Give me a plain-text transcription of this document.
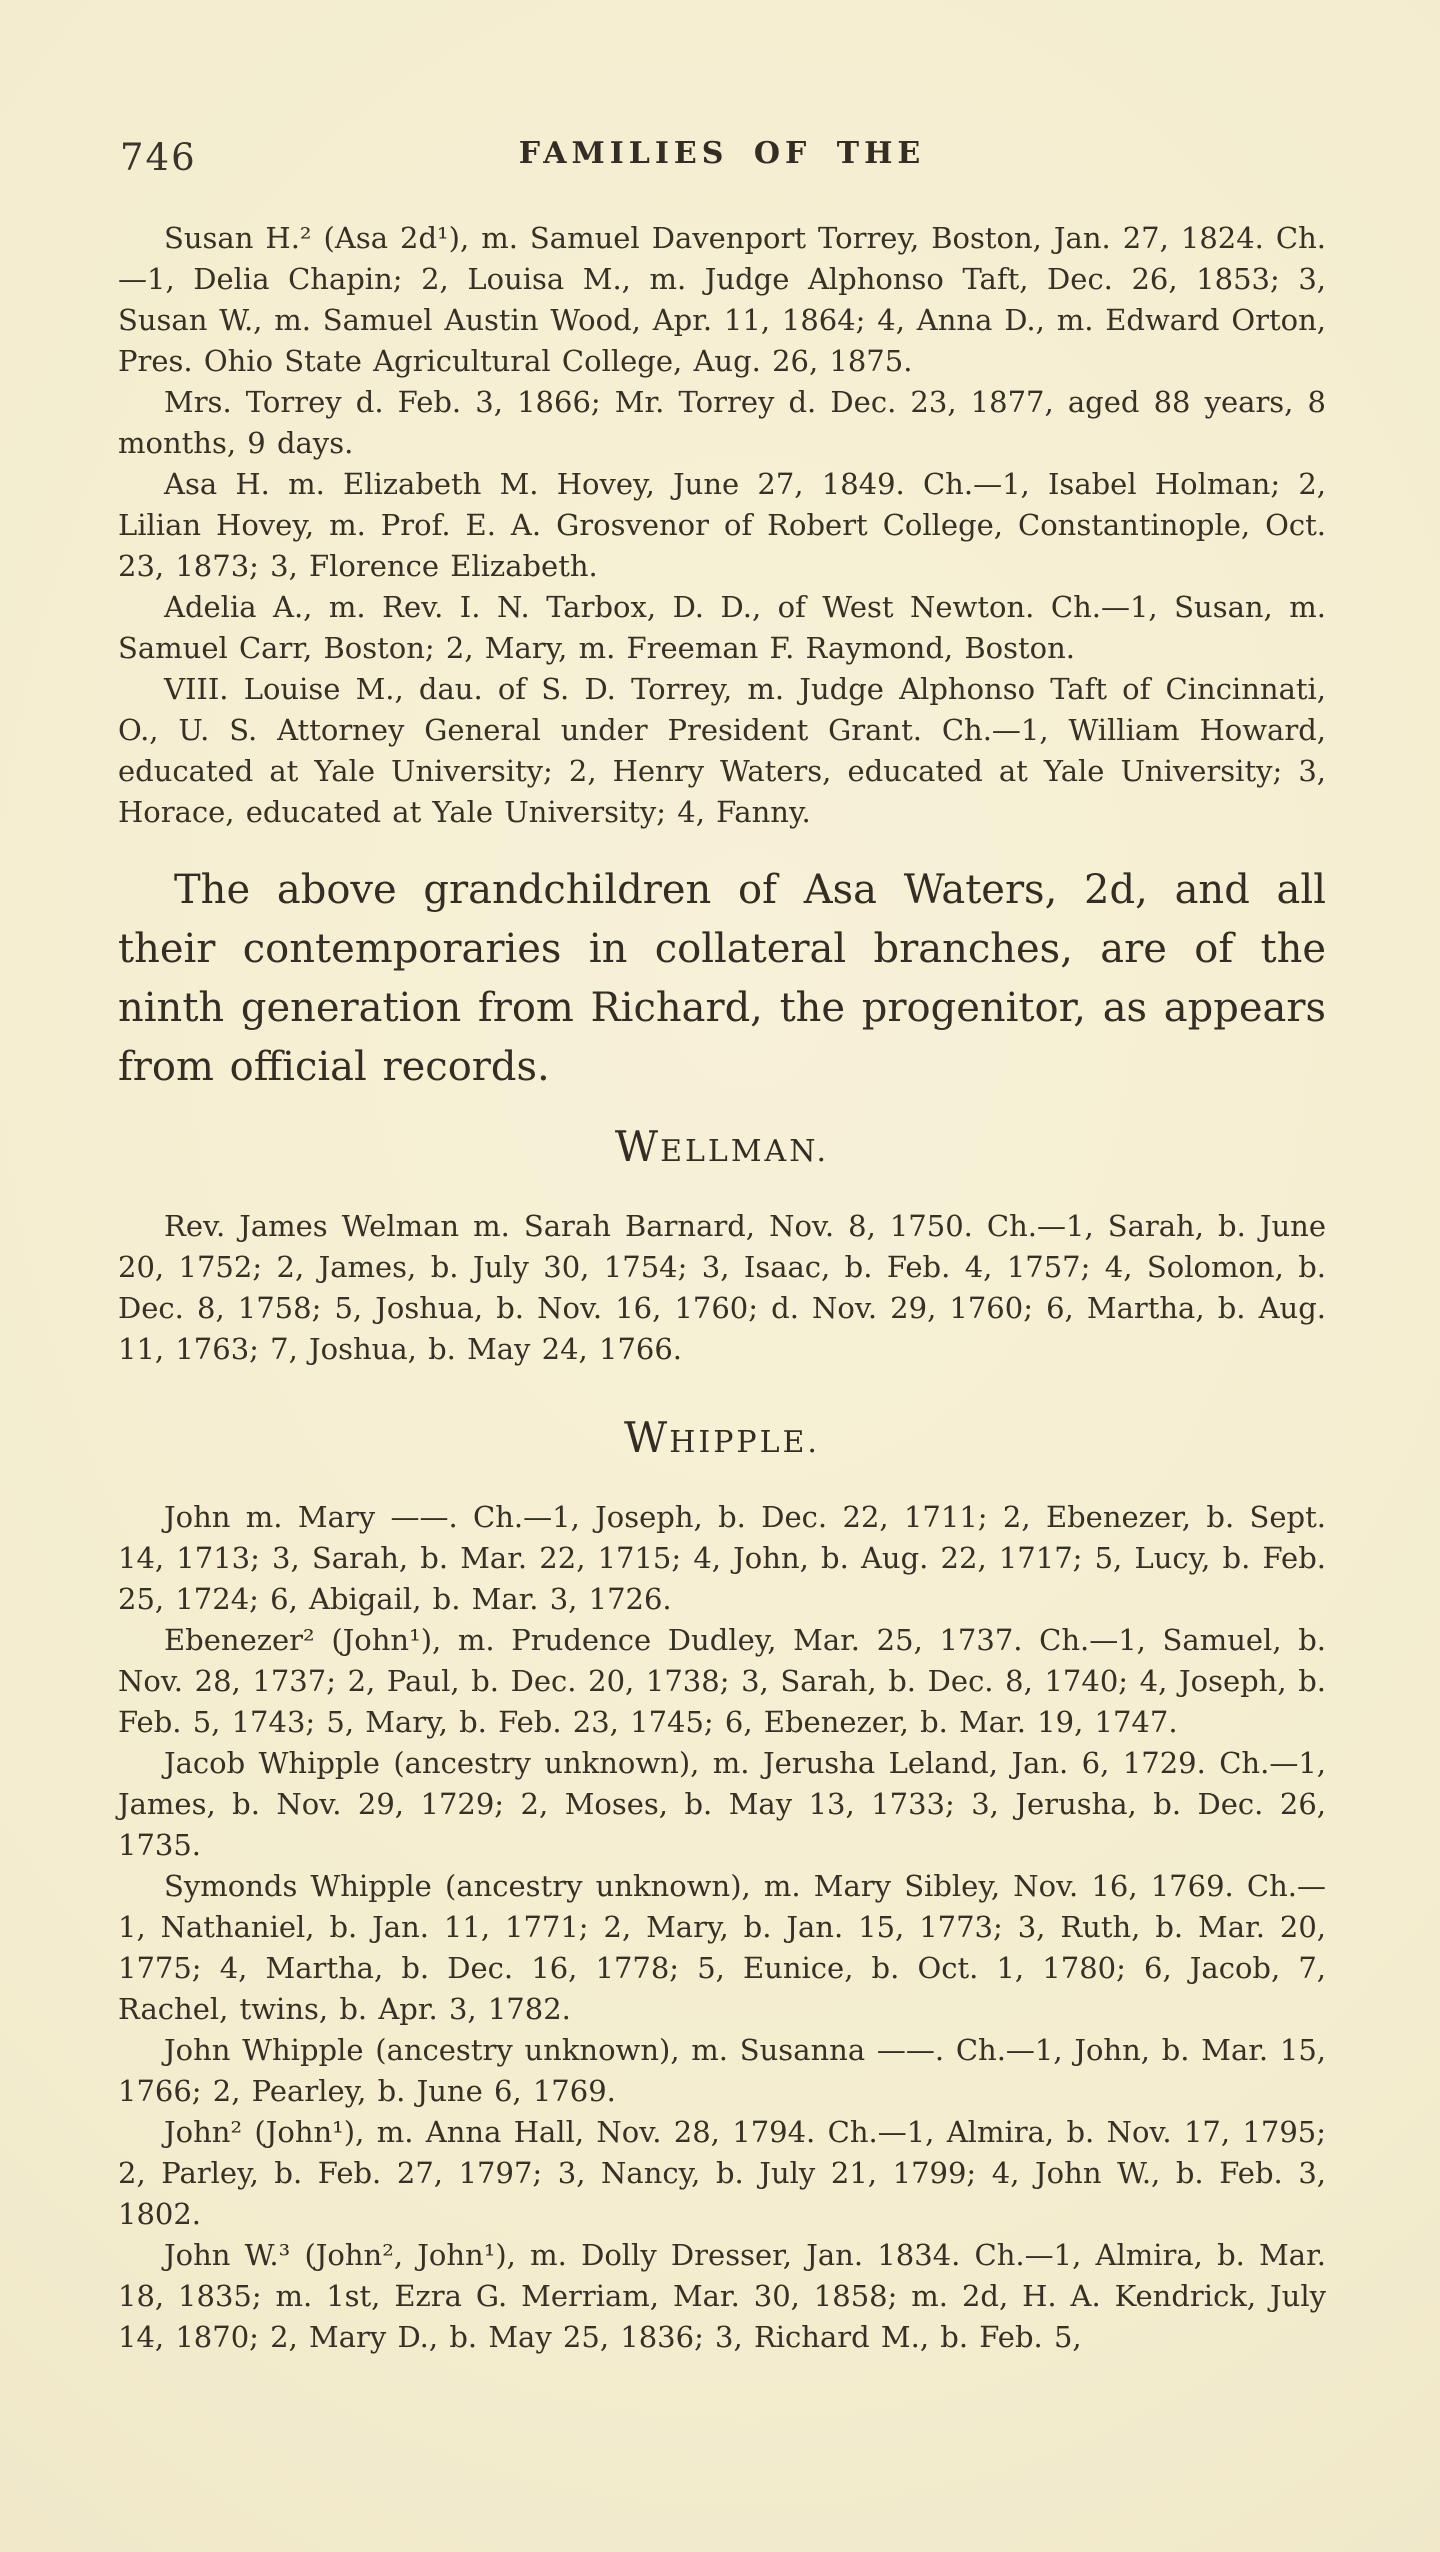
746	FAMILIES OF THE

Susan H.² (Asa 2d¹), m. Samuel Davenport Torrey, Boston, Jan. 27, 1824. Ch.—1, Delia Chapin; 2, Louisa M., m. Judge Alphonso Taft, Dec. 26, 1853; 3, Susan W., m. Samuel Austin Wood, Apr. 11, 1864; 4, Anna D., m. Edward Orton, Pres. Ohio State Agricultural College, Aug. 26, 1875.

Mrs. Torrey d. Feb. 3, 1866; Mr. Torrey d. Dec. 23, 1877, aged 88 years, 8 months, 9 days.

Asa H. m. Elizabeth M. Hovey, June 27, 1849. Ch.—1, Isabel Holman; 2, Lilian Hovey, m. Prof. E. A. Grosvenor of Robert College, Constantinople, Oct. 23, 1873; 3, Florence Elizabeth.

Adelia A., m. Rev. I. N. Tarbox, D. D., of West Newton. Ch.—1, Susan, m. Samuel Carr, Boston; 2, Mary, m. Freeman F. Raymond, Boston.

VIII. Louise M., dau. of S. D. Torrey, m. Judge Alphonso Taft of Cincinnati, O., U. S. Attorney General under President Grant. Ch.—1, William Howard, educated at Yale University; 2, Henry Waters, educated at Yale University; 3, Horace, educated at Yale University; 4, Fanny.

The above grandchildren of Asa Waters, 2d, and all their contemporaries in collateral branches, are of the ninth generation from Richard, the progenitor, as appears from official records.

WELLMAN.

Rev. James Welman m. Sarah Barnard, Nov. 8, 1750. Ch.—1, Sarah, b. June 20, 1752; 2, James, b. July 30, 1754; 3, Isaac, b. Feb. 4, 1757; 4, Solomon, b. Dec. 8, 1758; 5, Joshua, b. Nov. 16, 1760; d. Nov. 29, 1760; 6, Martha, b. Aug. 11, 1763; 7, Joshua, b. May 24, 1766.

WHIPPLE.

John m. Mary ——. Ch.—1, Joseph, b. Dec. 22, 1711; 2, Ebenezer, b. Sept. 14, 1713; 3, Sarah, b. Mar. 22, 1715; 4, John, b. Aug. 22, 1717; 5, Lucy, b. Feb. 25, 1724; 6, Abigail, b. Mar. 3, 1726.

Ebenezer² (John¹), m. Prudence Dudley, Mar. 25, 1737. Ch.—1, Samuel, b. Nov. 28, 1737; 2, Paul, b. Dec. 20, 1738; 3, Sarah, b. Dec. 8, 1740; 4, Joseph, b. Feb. 5, 1743; 5, Mary, b. Feb. 23, 1745; 6, Ebenezer, b. Mar. 19, 1747.

Jacob Whipple (ancestry unknown), m. Jerusha Leland, Jan. 6, 1729. Ch.—1, James, b. Nov. 29, 1729; 2, Moses, b. May 13, 1733; 3, Jerusha, b. Dec. 26, 1735.

Symonds Whipple (ancestry unknown), m. Mary Sibley, Nov. 16, 1769. Ch.—1, Nathaniel, b. Jan. 11, 1771; 2, Mary, b. Jan. 15, 1773; 3, Ruth, b. Mar. 20, 1775; 4, Martha, b. Dec. 16, 1778; 5, Eunice, b. Oct. 1, 1780; 6, Jacob, 7, Rachel, twins, b. Apr. 3, 1782.

John Whipple (ancestry unknown), m. Susanna ——. Ch.—1, John, b. Mar. 15, 1766; 2, Pearley, b. June 6, 1769.

John² (John¹), m. Anna Hall, Nov. 28, 1794. Ch.—1, Almira, b. Nov. 17, 1795; 2, Parley, b. Feb. 27, 1797; 3, Nancy, b. July 21, 1799; 4, John W., b. Feb. 3, 1802.

John W.³ (John², John¹), m. Dolly Dresser, Jan. 1834. Ch.—1, Almira, b. Mar. 18, 1835; m. 1st, Ezra G. Merriam, Mar. 30, 1858; m. 2d, H. A. Kendrick, July 14, 1870; 2, Mary D., b. May 25, 1836; 3, Richard M., b. Feb. 5,
